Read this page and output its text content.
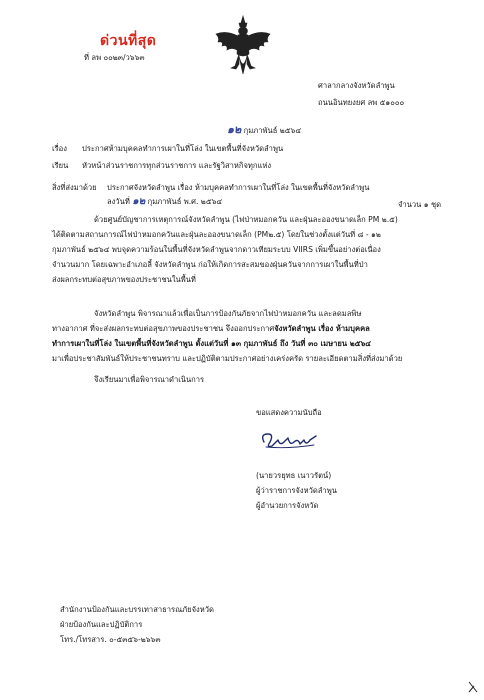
ด่วนที่สุด
ที่ ลพ ๐๐๒๓/ว๖๖๓
ศาลากลางจังหวัดลำพูน
ถนนอินทยงยศ ลพ ๕๑๐๐๐
๑๒ กุมภาพันธ์ ๒๕๖๔
เรื่อง ประกาศห้ามบุคคลทำการเผาในที่โล่ง ในเขตพื้นที่จังหวัดลำพูน
เรียน หัวหน้าส่วนราชการทุกส่วนราชการ และรัฐวิสาหกิจทุกแห่ง
สิ่งที่ส่งมาด้วย ประกาศจังหวัดลำพูน เรื่อง ห้ามบุคคลทำการเผาในที่โล่ง ในเขตพื้นที่จังหวัดลำพูน
ลงวันที่ ๑๒ กุมภาพันธ์ พ.ศ. ๒๕๖๔	จำนวน ๑ ชุด
ด้วยศูนย์บัญชาการเหตุการณ์จังหวัดลำพูน (ไฟป่าหมอกควัน และฝุ่นละอองขนาดเล็ก PM ๒.๕)
ได้ติดตามสถานการณ์ไฟป่าหมอกควันและฝุ่นละอองขนาดเล็ก (PM๒.๕) โดยในช่วงตั้งแต่วันที่ ๘ - ๑๒
กุมภาพันธ์ ๒๕๖๔ พบจุดความร้อนในพื้นที่จังหวัดลำพูนจากดาวเทียมระบบ VIIRS เพิ่มขึ้นอย่างต่อเนื่อง
จำนวนมาก โดยเฉพาะอำเภอลี้ จังหวัดลำพูน ก่อให้เกิดการสะสมของฝุ่นควันจากการเผาในพื้นที่ป่า
ส่งผลกระทบต่อสุขภาพของประชาชนในพื้นที่
จังหวัดลำพูน พิจารณาแล้วเพื่อเป็นการป้องกันภัยจากไฟป่าหมอกควัน และลดมลพิษ
ทางอากาศ ที่จะส่งผลกระทบต่อสุขภาพของประชาชน จึงออกประกาศจังหวัดลำพูน เรื่อง ห้ามบุคคล
ทำการเผาในที่โล่ง ในเขตพื้นที่จังหวัดลำพูน ตั้งแต่วันที่ ๑๓ กุมภาพันธ์ ถึง วันที่ ๓๐ เมษายน ๒๕๖๔
มาเพื่อประชาสัมพันธ์ให้ประชาชนทราบ และปฏิบัติตามประกาศอย่างเคร่งครัด รายละเอียดตามสิ่งที่ส่งมาด้วย
จึงเรียนมาเพื่อพิจารณาดำเนินการ
ขอแสดงความนับถือ
(นายวรยุทธ เนาวรัตน์)
ผู้ว่าราชการจังหวัดลำพูน
ผู้อำนวยการจังหวัด
สำนักงานป้องกันและบรรเทาสาธารณภัยจังหวัด
ฝ่ายป้องกันและปฏิบัติการ
โทร./โทรสาร. ๐-๕๓๕๖-๒๖๖๓
